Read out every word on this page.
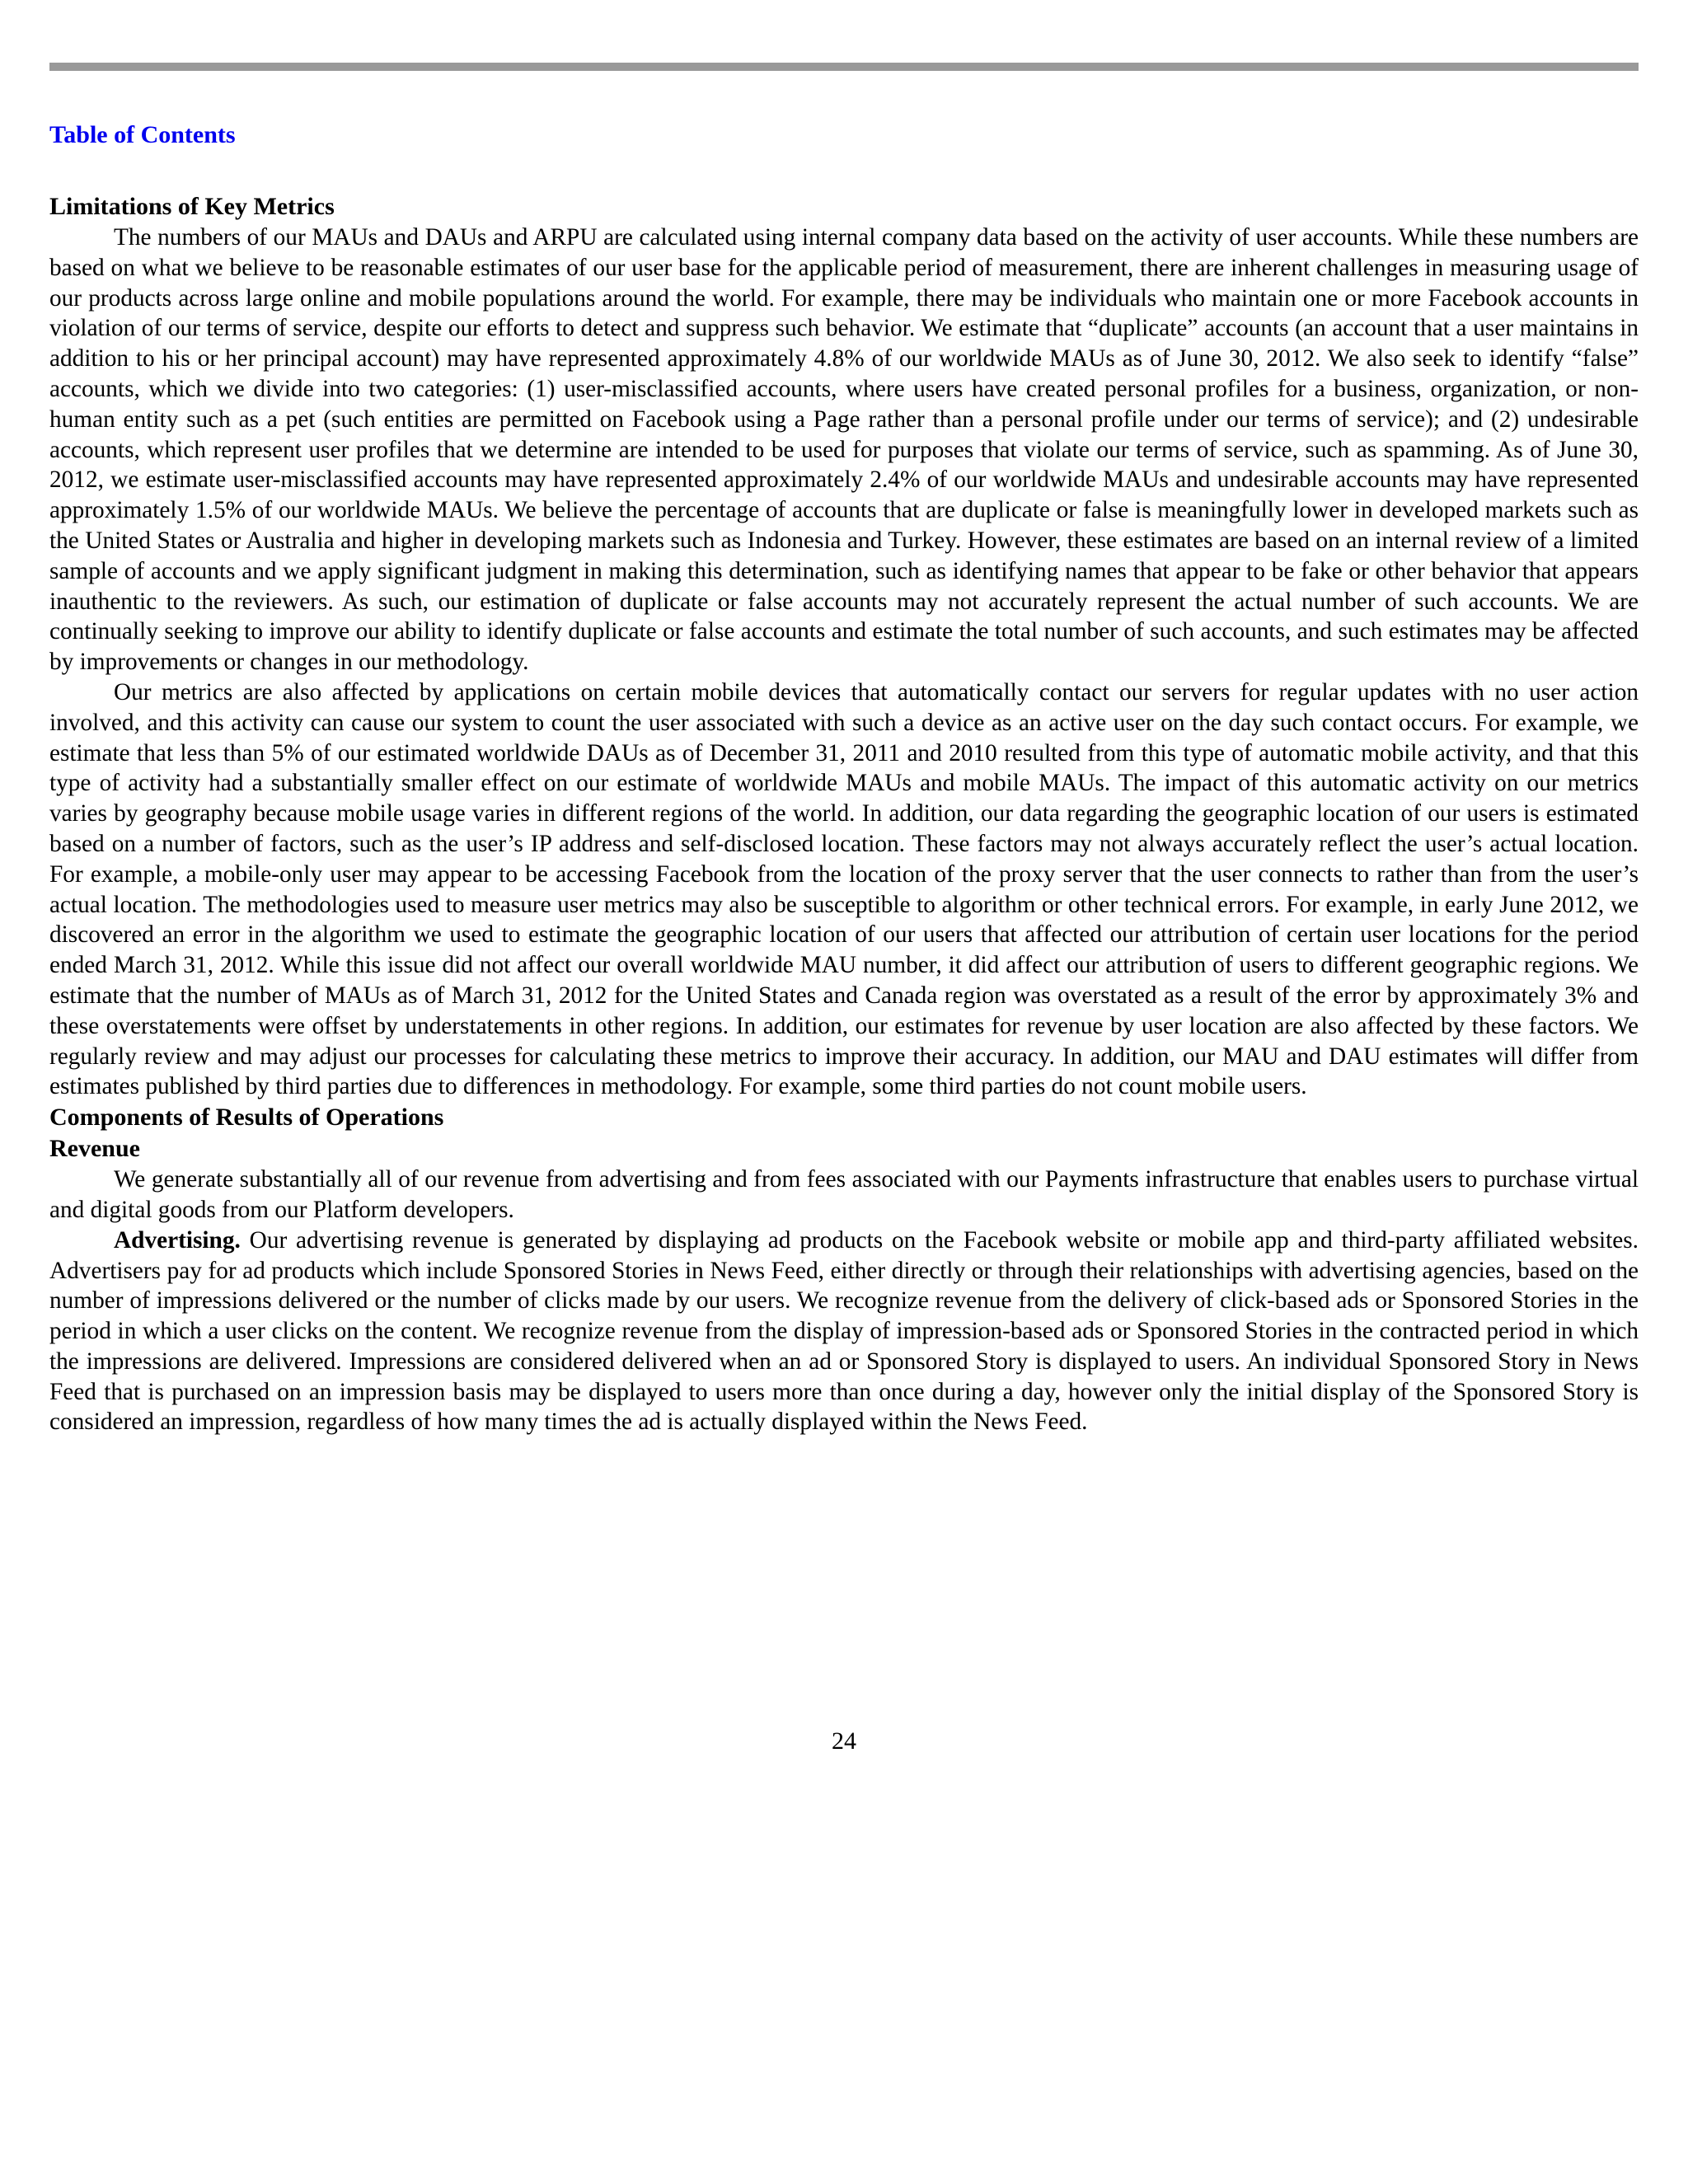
Table of Contents
Limitations of Key Metrics

The numbers of our MAUs and DAUs and ARPU are calculated using internal company data based on the activity of user accounts. While these numbers are based on what we believe to be reasonable estimates of our user base for the applicable period of measurement, there are inherent challenges in measuring usage of our products across large online and mobile populations around the world. For example, there may be individuals who maintain one or more Facebook accounts in violation of our terms of service, despite our efforts to detect and suppress such behavior. We estimate that “duplicate” accounts (an account that a user maintains in addition to his or her principal account) may have represented approximately 4.8% of our worldwide MAUs as of June 30, 2012. We also seek to identify “false” accounts, which we divide into two categories: (1) user-misclassified accounts, where users have created personal profiles for a business, organization, or non-human entity such as a pet (such entities are permitted on Facebook using a Page rather than a personal profile under our terms of service); and (2) undesirable accounts, which represent user profiles that we determine are intended to be used for purposes that violate our terms of service, such as spamming. As of June 30, 2012, we estimate user-misclassified accounts may have represented approximately 2.4% of our worldwide MAUs and undesirable accounts may have represented approximately 1.5% of our worldwide MAUs. We believe the percentage of accounts that are duplicate or false is meaningfully lower in developed markets such as the United States or Australia and higher in developing markets such as Indonesia and Turkey. However, these estimates are based on an internal review of a limited sample of accounts and we apply significant judgment in making this determination, such as identifying names that appear to be fake or other behavior that appears inauthentic to the reviewers. As such, our estimation of duplicate or false accounts may not accurately represent the actual number of such accounts. We are continually seeking to improve our ability to identify duplicate or false accounts and estimate the total number of such accounts, and such estimates may be affected by improvements or changes in our methodology.

Our metrics are also affected by applications on certain mobile devices that automatically contact our servers for regular updates with no user action involved, and this activity can cause our system to count the user associated with such a device as an active user on the day such contact occurs. For example, we estimate that less than 5% of our estimated worldwide DAUs as of December 31, 2011 and 2010 resulted from this type of automatic mobile activity, and that this type of activity had a substantially smaller effect on our estimate of worldwide MAUs and mobile MAUs. The impact of this automatic activity on our metrics varies by geography because mobile usage varies in different regions of the world. In addition, our data regarding the geographic location of our users is estimated based on a number of factors, such as the user’s IP address and self-disclosed location. These factors may not always accurately reflect the user’s actual location. For example, a mobile-only user may appear to be accessing Facebook from the location of the proxy server that the user connects to rather than from the user’s actual location. The methodologies used to measure user metrics may also be susceptible to algorithm or other technical errors. For example, in early June 2012, we discovered an error in the algorithm we used to estimate the geographic location of our users that affected our attribution of certain user locations for the period ended March 31, 2012. While this issue did not affect our overall worldwide MAU number, it did affect our attribution of users to different geographic regions. We estimate that the number of MAUs as of March 31, 2012 for the United States and Canada region was overstated as a result of the error by approximately 3% and these overstatements were offset by understatements in other regions. In addition, our estimates for revenue by user location are also affected by these factors. We regularly review and may adjust our processes for calculating these metrics to improve their accuracy. In addition, our MAU and DAU estimates will differ from estimates published by third parties due to differences in methodology. For example, some third parties do not count mobile users.

Components of Results of Operations
Revenue

We generate substantially all of our revenue from advertising and from fees associated with our Payments infrastructure that enables users to purchase virtual and digital goods from our Platform developers.

Advertising. Our advertising revenue is generated by displaying ad products on the Facebook website or mobile app and third-party affiliated websites. Advertisers pay for ad products which include Sponsored Stories in News Feed, either directly or through their relationships with advertising agencies, based on the number of impressions delivered or the number of clicks made by our users. We recognize revenue from the delivery of click-based ads or Sponsored Stories in the period in which a user clicks on the content. We recognize revenue from the display of impression-based ads or Sponsored Stories in the contracted period in which the impressions are delivered. Impressions are considered delivered when an ad or Sponsored Story is displayed to users. An individual Sponsored Story in News Feed that is purchased on an impression basis may be displayed to users more than once during a day, however only the initial display of the Sponsored Story is considered an impression, regardless of how many times the ad is actually displayed within the News Feed.

24
